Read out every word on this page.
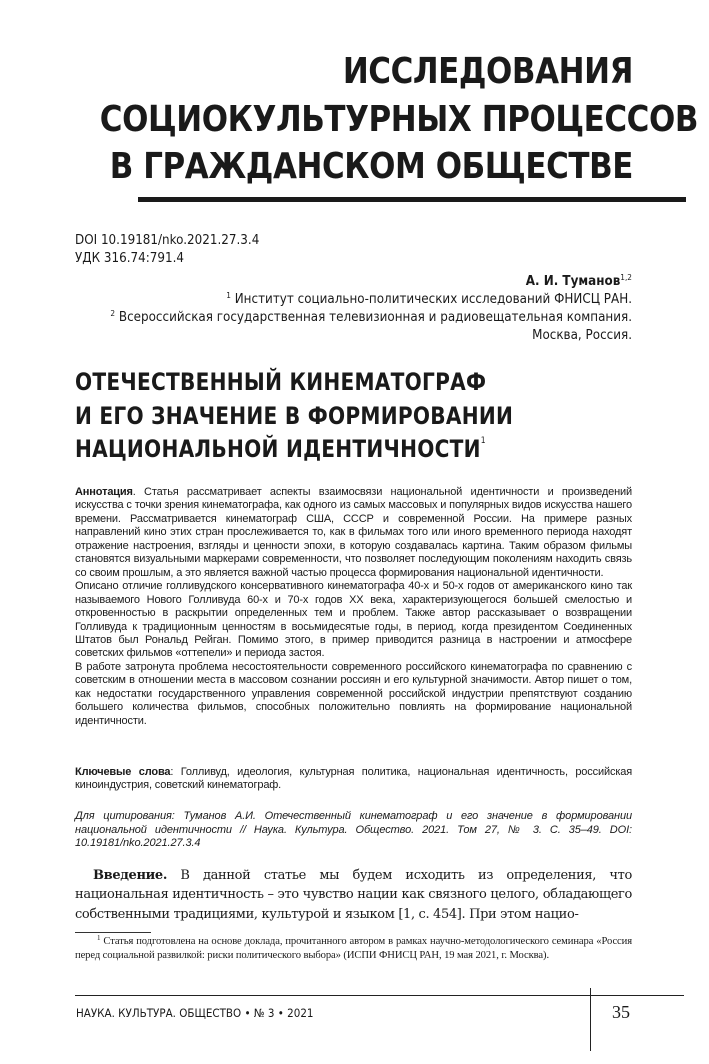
ИССЛЕДОВАНИЯ
СОЦИОКУЛЬТУРНЫХ ПРОЦЕССОВ
В ГРАЖДАНСКОМ ОБЩЕСТВЕ
DOI 10.19181/nko.2021.27.3.4
УДК 316.74:791.4
А. И. Туманов$^{1,2}$
$^1$ Институт социально-политических исследований ФНИСЦ РАН.
$^2$ Всероссийская государственная телевизионная и радиовещательная компания.
Москва, Россия.
ОТЕЧЕСТВЕННЫЙ КИНЕМАТОГРАФ
И ЕГО ЗНАЧЕНИЕ В ФОРМИРОВАНИИ
НАЦИОНАЛЬНОЙ ИДЕНТИЧНОСТИ$^1$

Аннотация. Статья рассматривает аспекты взаимосвязи национальной идентичности и произведений искусства с точки зрения кинематографа, как одного из самых массовых и популярных видов искусства нашего времени. Рассматривается кинематограф США, СССР и современной России. На примере разных направлений кино этих стран прослеживается то, как в фильмах того или иного временного периода находят отражение настроения, взгляды и ценности эпохи, в которую создавалась картина. Таким образом фильмы становятся визуальными маркерами современности, что позволяет последующим поколениям находить связь со своим прошлым, а это является важной частью процесса формирования национальной идентичности.

Описано отличие голливудского консервативного кинематографа 40-х и 50-х годов от американского кино так называемого Нового Голливуда 60-х и 70-х годов XX века, характеризующегося большей смелостью и откровенностью в раскрытии определенных тем и проблем. Также автор рассказывает о возвращении Голливуда к традиционным ценностям в восьмидесятые годы, в период, когда президентом Соединенных Штатов был Рональд Рейган. Помимо этого, в пример приводится разница в настроении и атмосфере советских фильмов «оттепели» и периода застоя.

В работе затронута проблема несостоятельности современного российского кинематографа по сравнению с советским в отношении места в массовом сознании россиян и его культурной значимости. Автор пишет о том, как недостатки государственного управления современной российской индустрии препятствуют созданию большего количества фильмов, способных положительно повлиять на формирование национальной идентичности.

Ключевые слова: Голливуд, идеология, культурная политика, национальная идентичность, российская киноиндустрия, советский кинематограф.
Для цитирования: Туманов А.И. Отечественный кинематограф и его значение в формировании национальной идентичности // Наука. Культура. Общество. 2021. Том 27, № 3. С. 35–49. DOI: 10.19181/nko.2021.27.3.4
Введение. В данной статье мы будем исходить из определения, что национальная идентичность – это чувство нации как связного целого, обладающего собственными традициями, культурой и языком [1, с. 454]. При этом нацио-
$^1$ Статья подготовлена на основе доклада, прочитанного автором в рамках научно-методологического семинара «Россия перед социальной развилкой: риски политического выбора» (ИСПИ ФНИСЦ РАН, 19 мая 2021, г. Москва).
НАУКА. КУЛЬТУРА. ОБЩЕСТВО • № 3 • 2021	35
